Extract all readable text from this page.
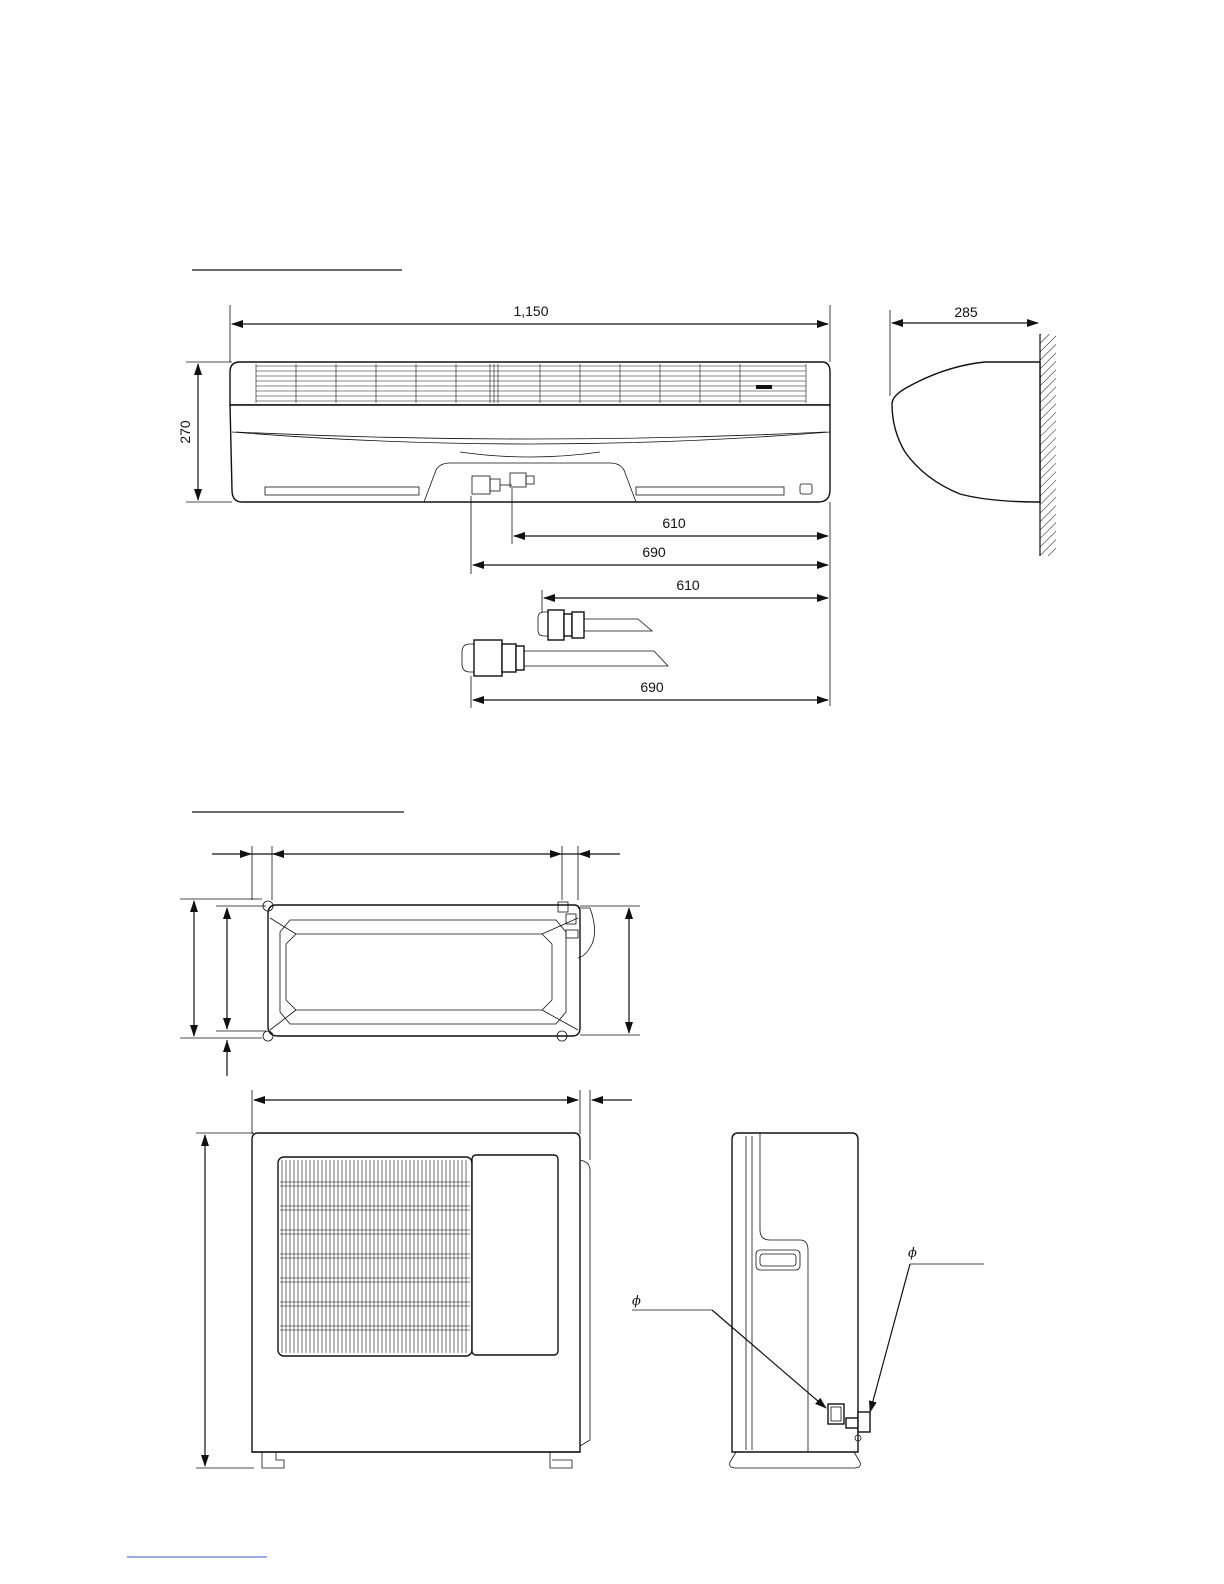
1,150
270
610
690
610
690
285
ϕ
ϕ
